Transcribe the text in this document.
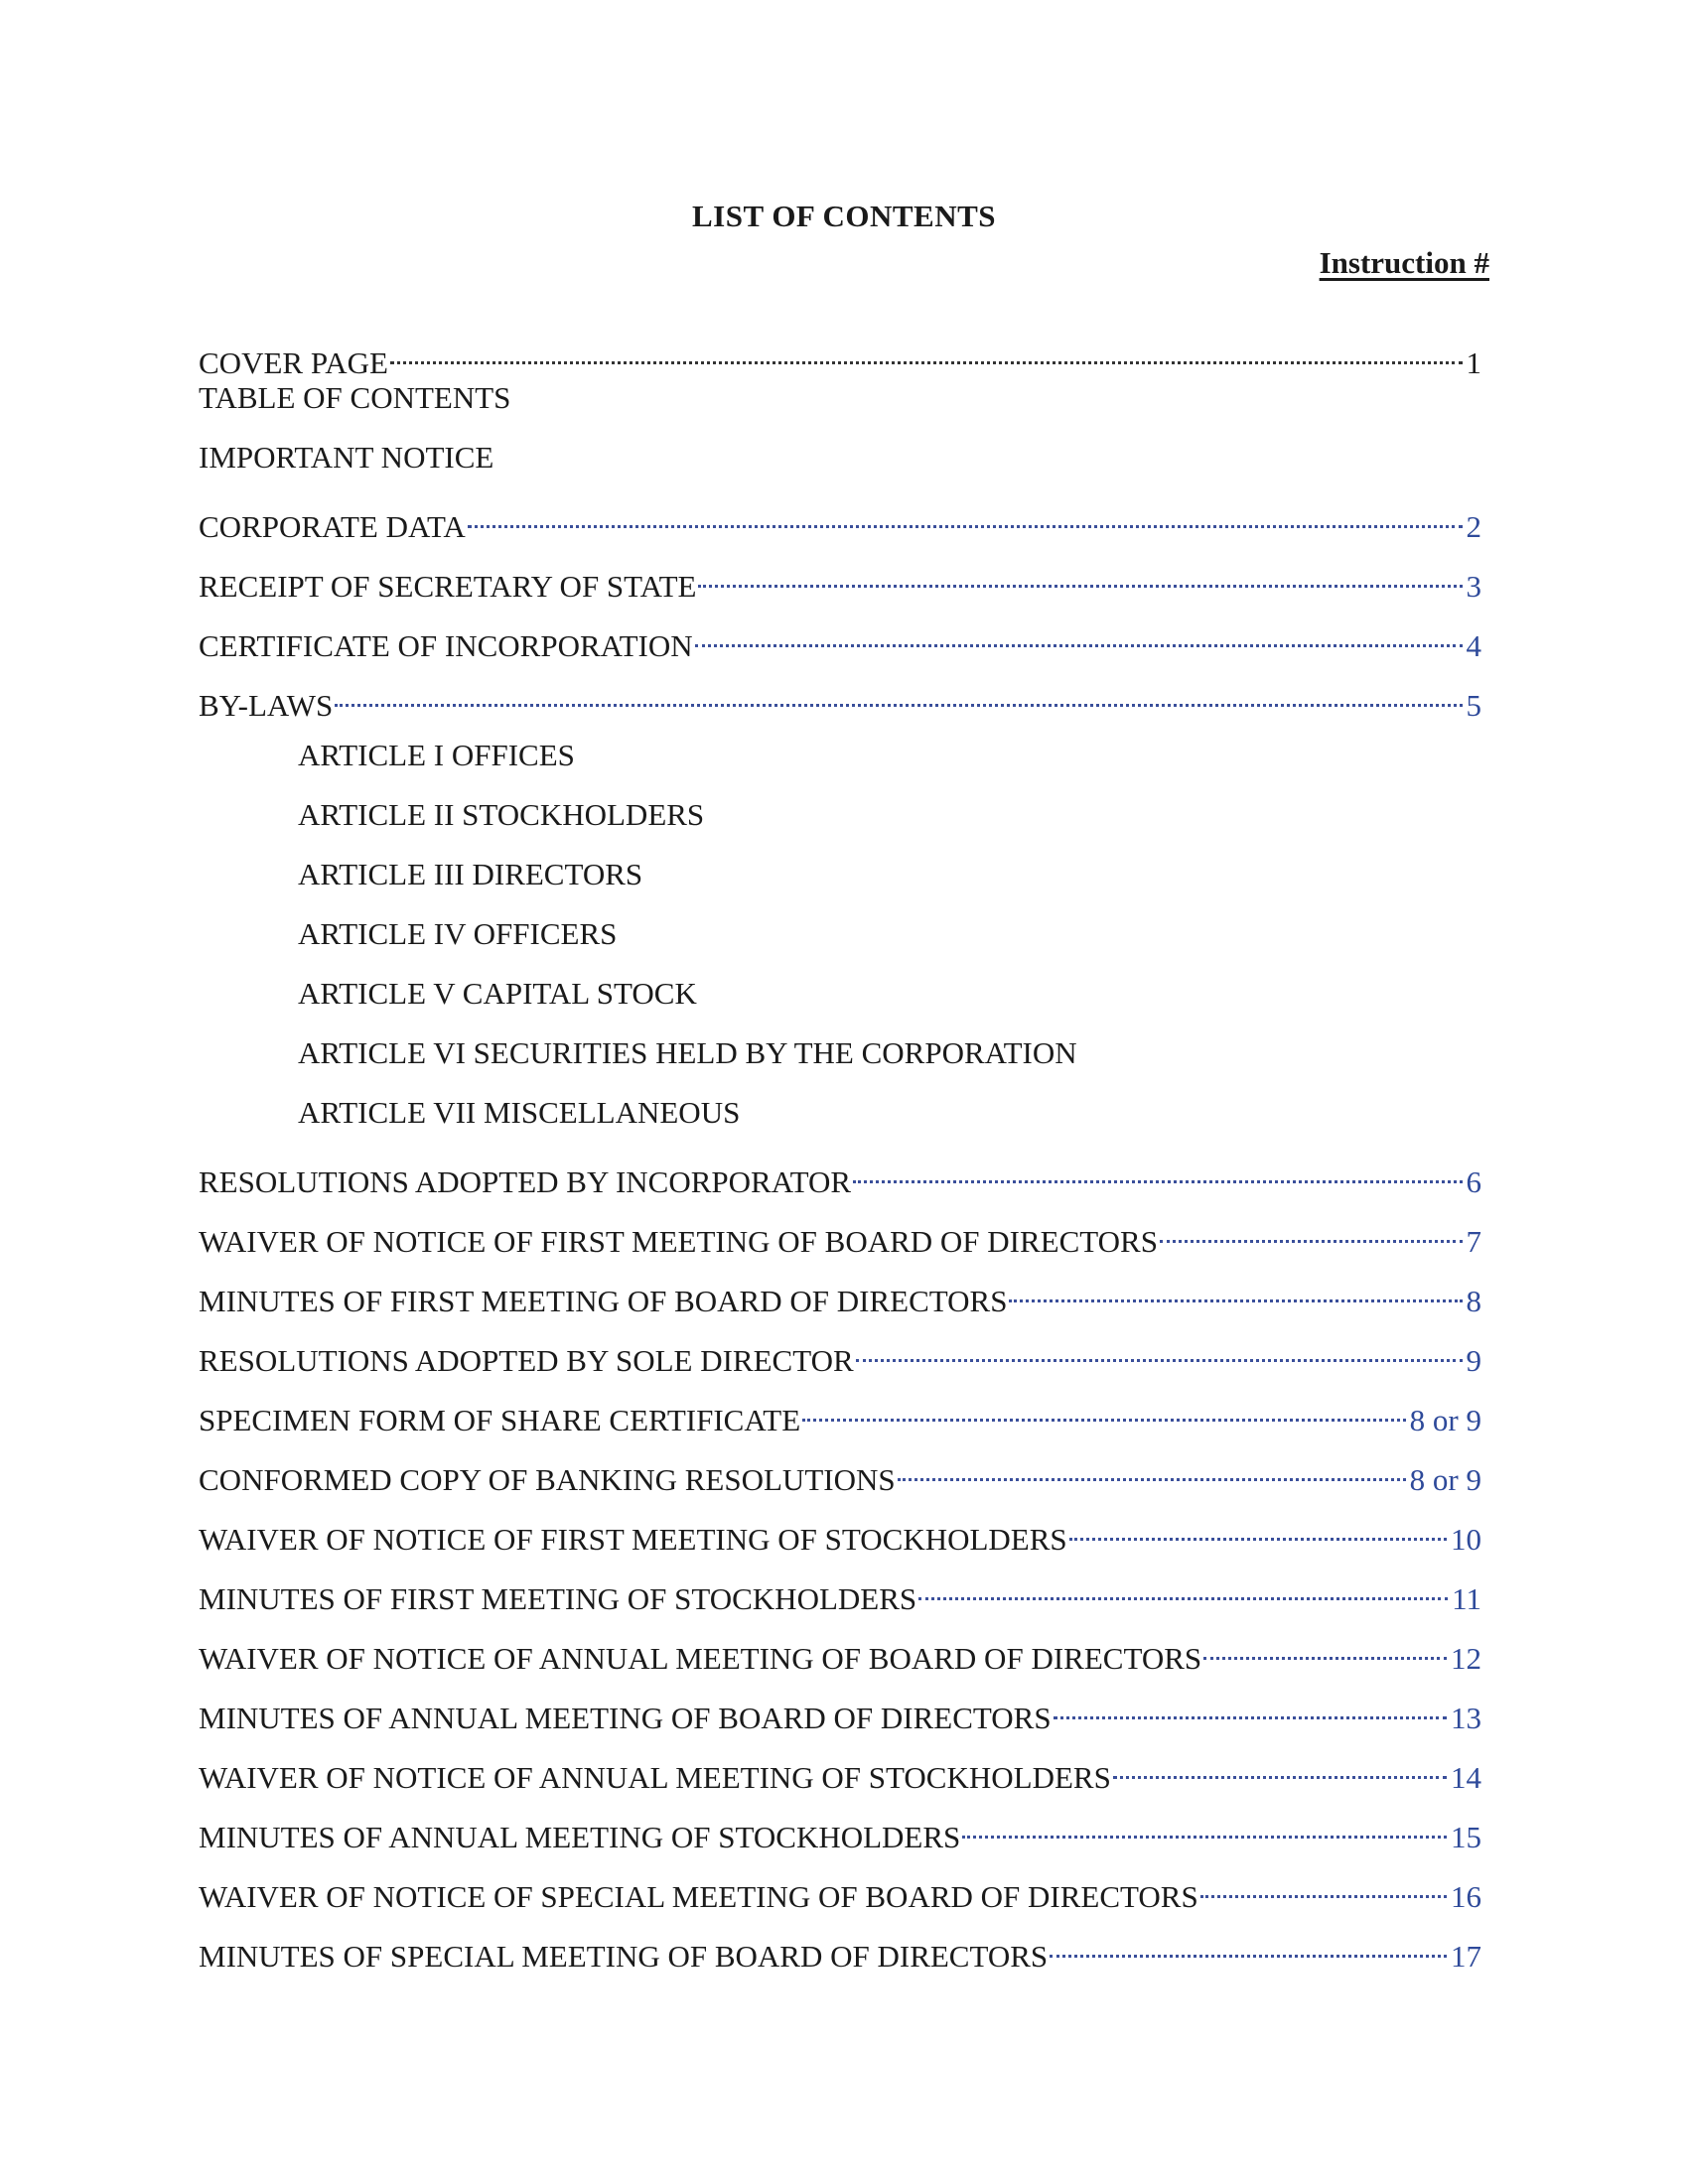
LIST OF CONTENTS
Instruction #
COVER PAGE	1
TABLE OF CONTENTS
IMPORTANT NOTICE
CORPORATE DATA	2
RECEIPT OF SECRETARY OF STATE	3
CERTIFICATE OF INCORPORATION	4
BY-LAWS	5
ARTICLE I OFFICES
ARTICLE II STOCKHOLDERS
ARTICLE III DIRECTORS
ARTICLE IV OFFICERS
ARTICLE V CAPITAL STOCK
ARTICLE VI SECURITIES HELD BY THE CORPORATION
ARTICLE VII MISCELLANEOUS
RESOLUTIONS ADOPTED BY INCORPORATOR	6
WAIVER OF NOTICE OF FIRST MEETING OF BOARD OF DIRECTORS	7
MINUTES OF FIRST MEETING OF BOARD OF DIRECTORS	8
RESOLUTIONS ADOPTED BY SOLE DIRECTOR	9
SPECIMEN FORM OF SHARE CERTIFICATE	8 or 9
CONFORMED COPY OF BANKING RESOLUTIONS	8 or 9
WAIVER OF NOTICE OF FIRST MEETING OF STOCKHOLDERS	10
MINUTES OF FIRST MEETING OF STOCKHOLDERS	11
WAIVER OF NOTICE OF ANNUAL MEETING OF BOARD OF DIRECTORS	12
MINUTES OF ANNUAL MEETING OF BOARD OF DIRECTORS	13
WAIVER OF NOTICE OF ANNUAL MEETING OF STOCKHOLDERS	14
MINUTES OF ANNUAL MEETING OF STOCKHOLDERS	15
WAIVER OF NOTICE OF SPECIAL MEETING OF BOARD OF DIRECTORS	16
MINUTES OF SPECIAL MEETING OF BOARD OF DIRECTORS	17
